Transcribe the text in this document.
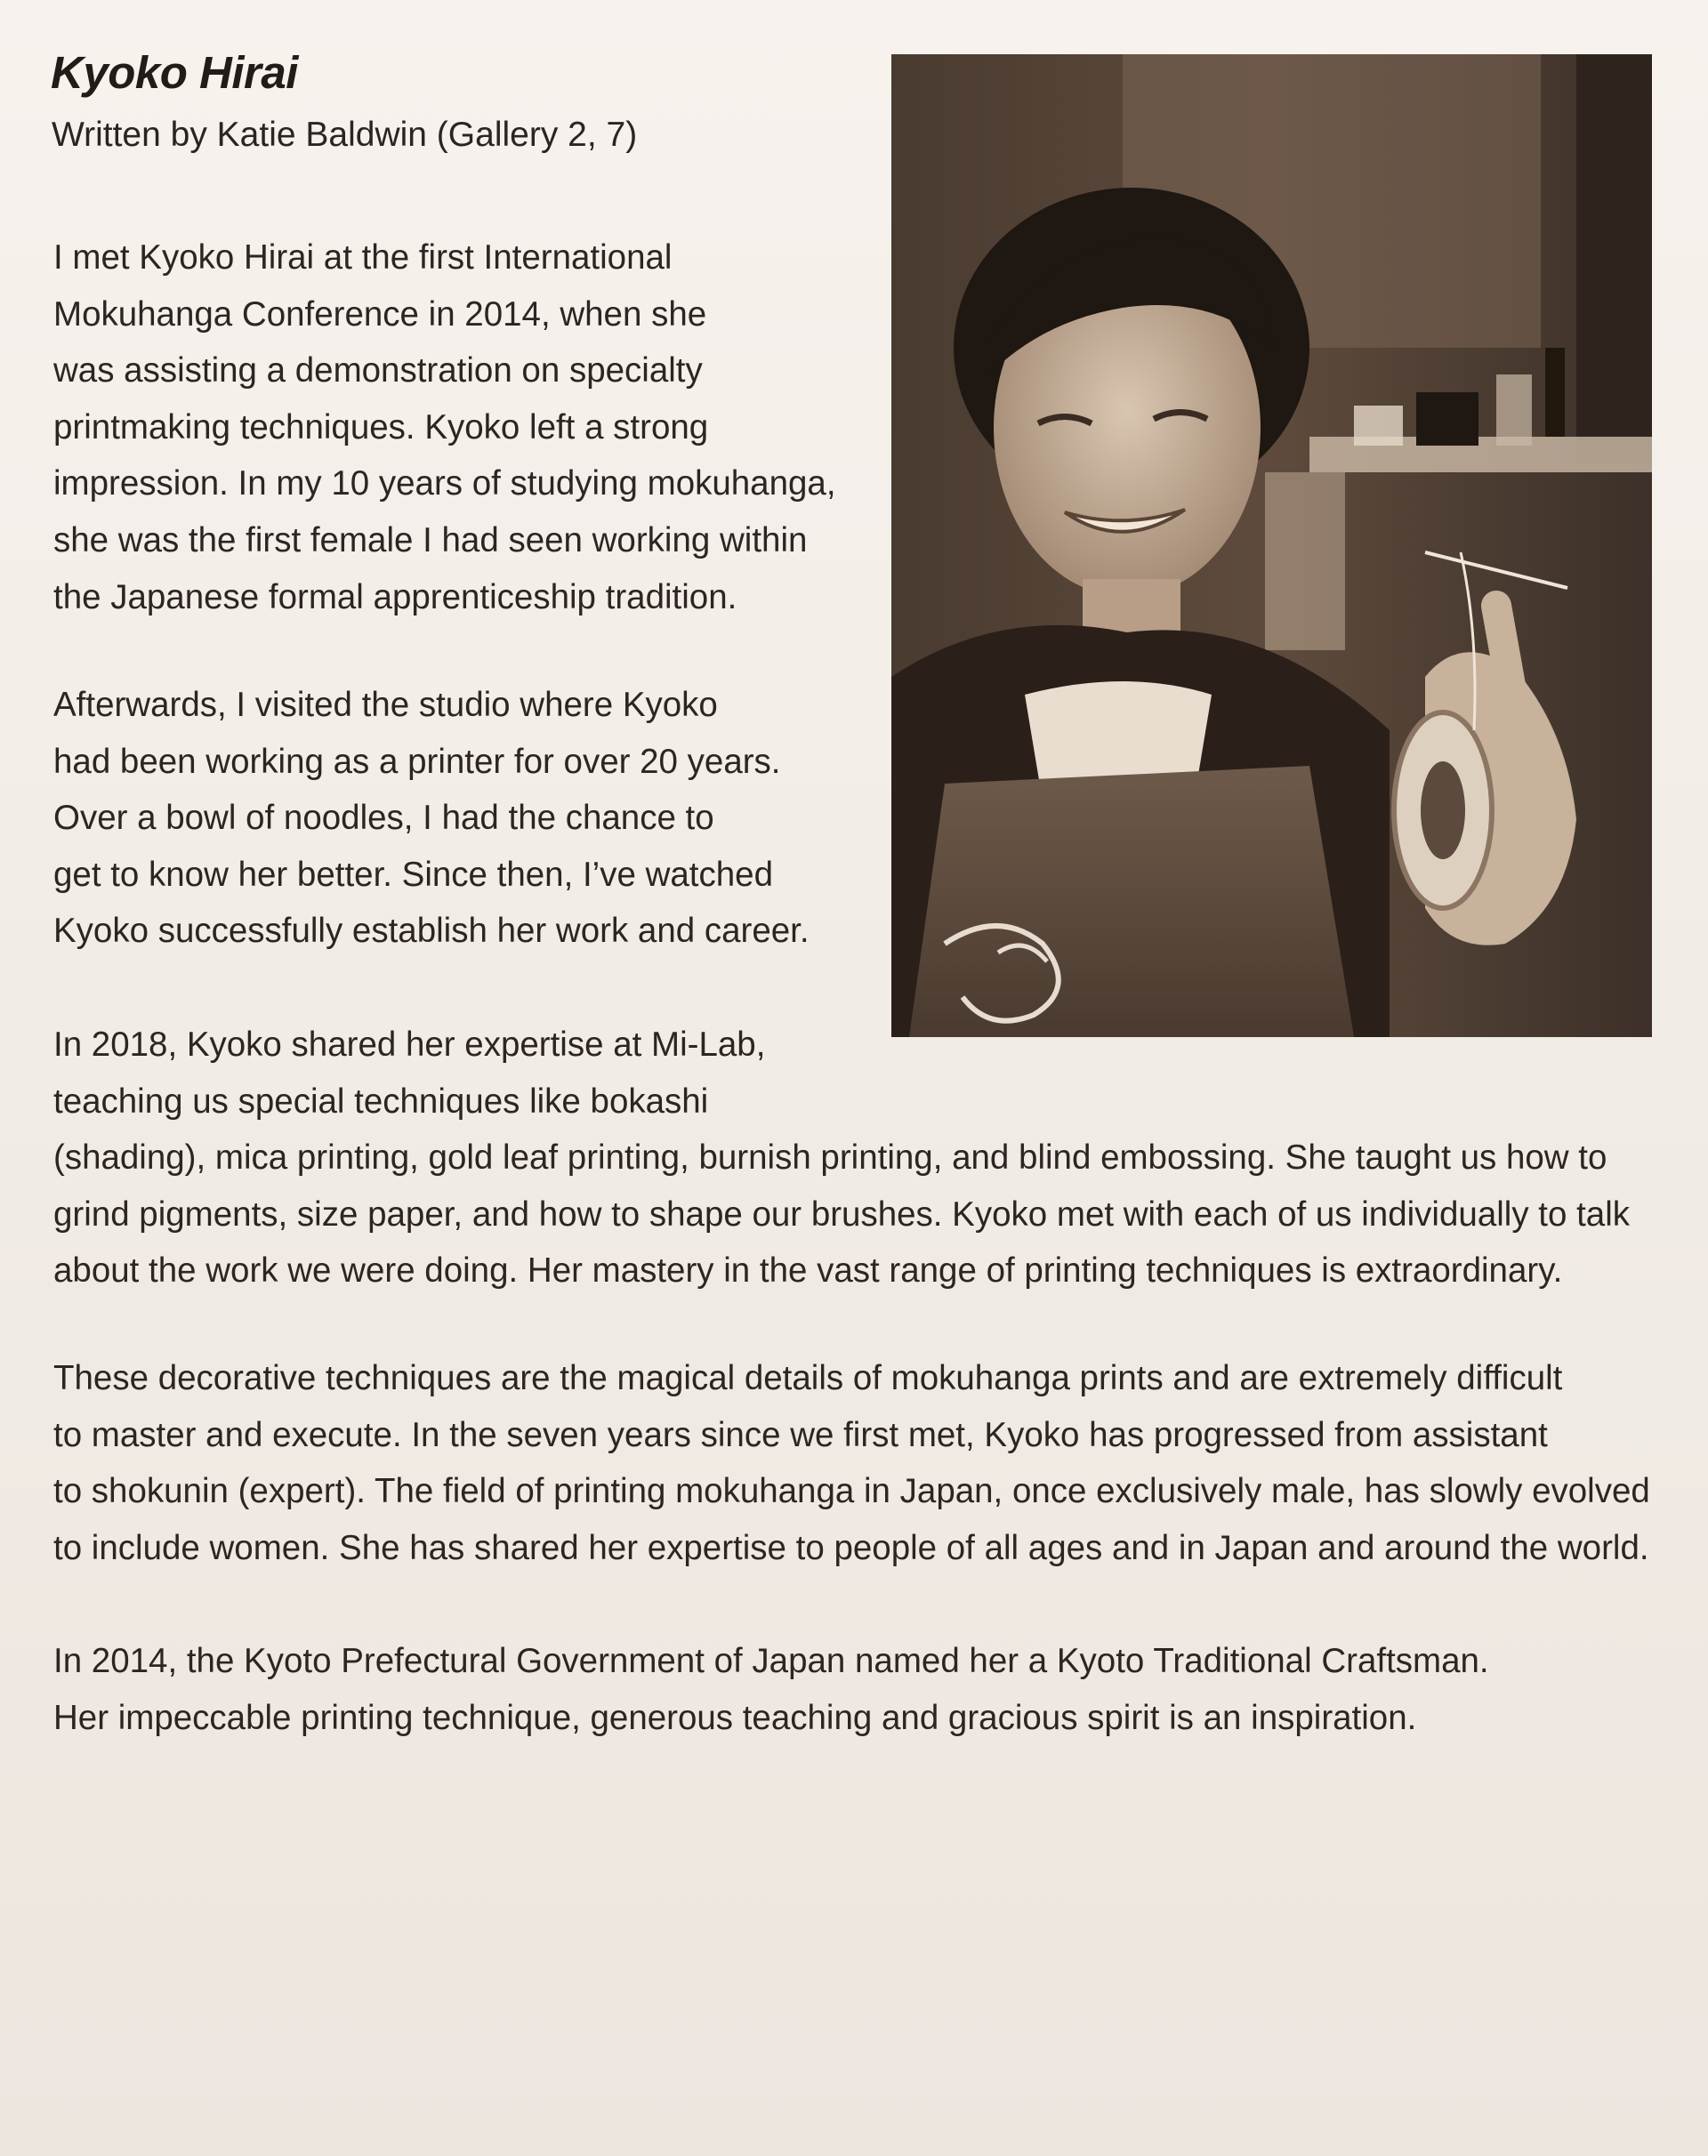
Kyoko Hirai

Written by Katie Baldwin (Gallery 2, 7)

I met Kyoko Hirai at the first International
Mokuhanga Conference in 2014, when she
was assisting a demonstration on specialty
printmaking techniques. Kyoko left a strong
impression. In my 10 years of studying mokuhanga,
she was the first female I had seen working within
the Japanese formal apprenticeship tradition.
Afterwards, I visited the studio where Kyoko
had been working as a printer for over 20 years.
Over a bowl of noodles, I had the chance to
get to know her better. Since then, I’ve watched
Kyoko successfully establish her work and career.
In 2018, Kyoko shared her expertise at Mi-Lab,
teaching us special techniques like bokashi
(shading), mica printing, gold leaf printing, burnish printing, and blind embossing. She taught us how to
grind pigments, size paper, and how to shape our brushes. Kyoko met with each of us individually to talk
about the work we were doing. Her mastery in the vast range of printing techniques is extraordinary.
These decorative techniques are the magical details of mokuhanga prints and are extremely difficult
to master and execute. In the seven years since we first met, Kyoko has progressed from assistant
to shokunin (expert). The field of printing mokuhanga in Japan, once exclusively male, has slowly evolved
to include women. She has shared her expertise to people of all ages and in Japan and around the world.
In 2014, the Kyoto Prefectural Government of Japan named her a Kyoto Traditional Craftsman.
Her impeccable printing technique, generous teaching and gracious spirit is an inspiration.
